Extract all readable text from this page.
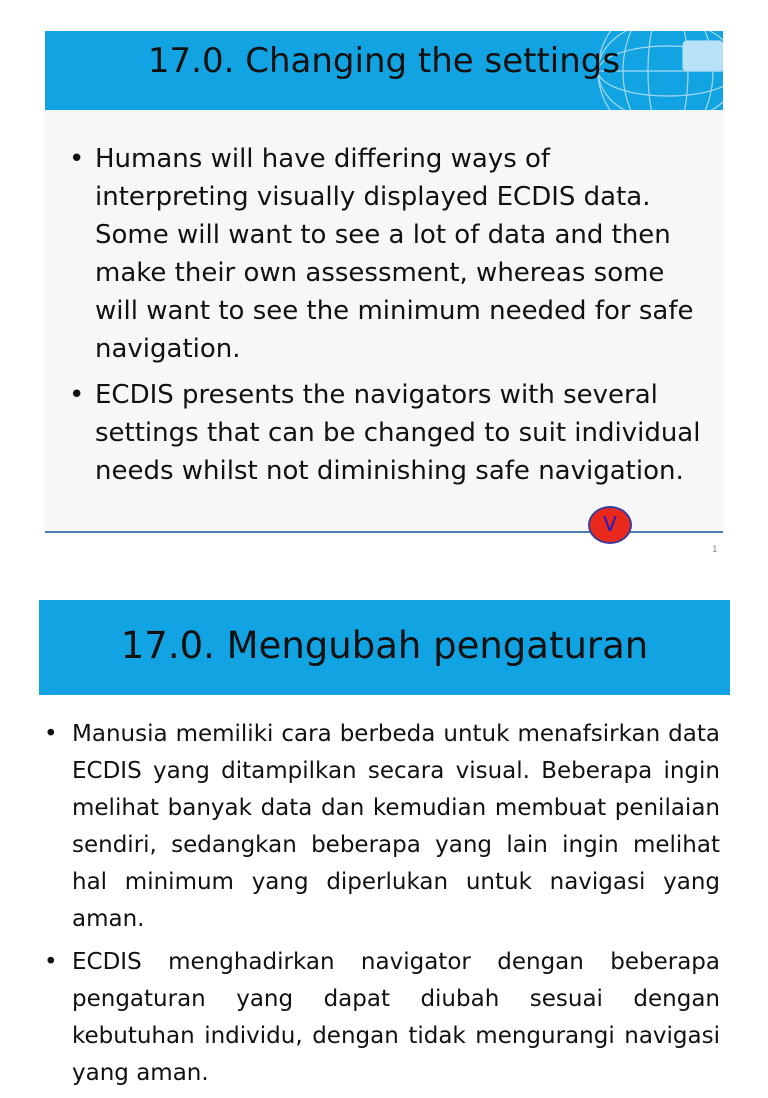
17.0. Changing the settings
• Humans will have differing ways of interpreting visually displayed ECDIS data. Some will want to see a lot of data and then make their own assessment, whereas some will want to see the minimum needed for safe navigation.
• ECDIS presents the navigators with several settings that can be changed to suit individual needs whilst not diminishing safe navigation.
V
1
17.0. Mengubah pengaturan
• Manusia memiliki cara berbeda untuk menafsirkan data ECDIS yang ditampilkan secara visual. Beberapa ingin melihat banyak data dan kemudian membuat penilaian sendiri, sedangkan beberapa yang lain ingin melihat hal minimum yang diperlukan untuk navigasi yang aman.
• ECDIS menghadirkan navigator dengan beberapa pengaturan yang dapat diubah sesuai dengan kebutuhan individu, dengan tidak mengurangi navigasi yang aman.
